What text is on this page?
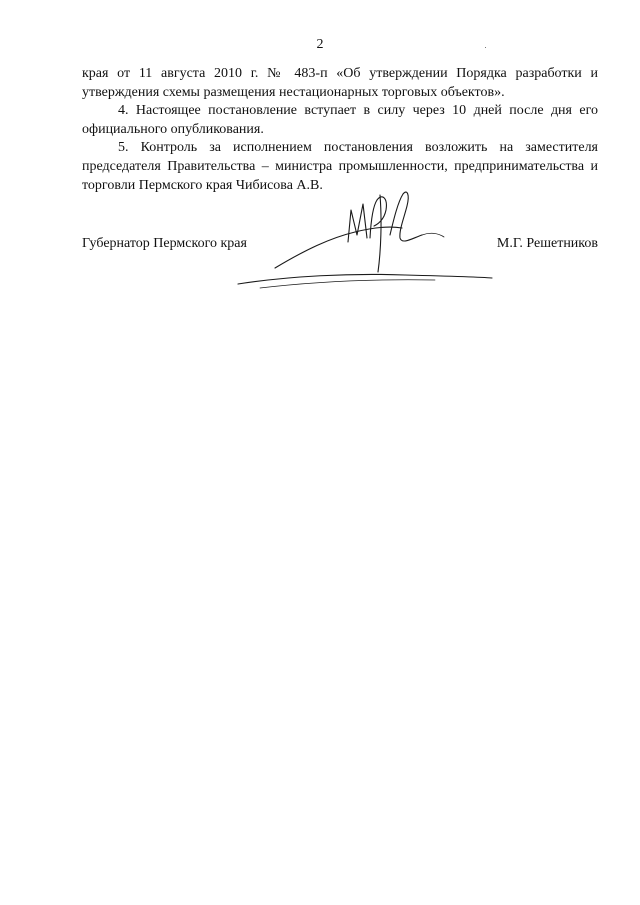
2

края от 11 августа 2010 г. № 483-п «Об утверждении Порядка разработки и утверждения схемы размещения нестационарных торговых объектов».

4. Настоящее постановление вступает в силу через 10 дней после дня его официального опубликования.

5. Контроль за исполнением постановления возложить на заместителя председателя Правительства – министра промышленности, предпринимательства и торговли Пермского края Чибисова А.В.

Губернатор Пермского края	М.Г. Решетников
